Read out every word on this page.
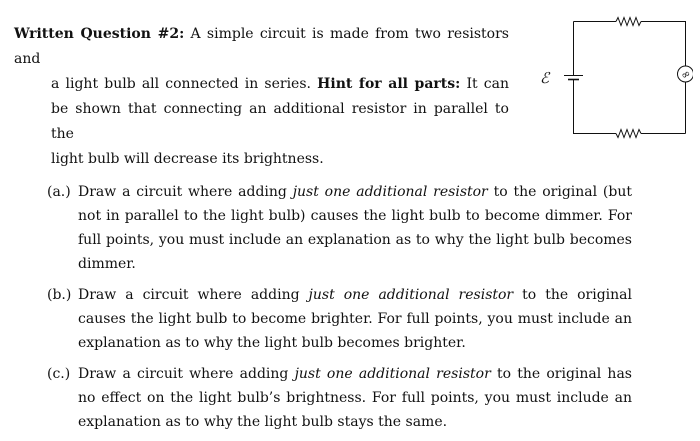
Written Question #2: A simple circuit is made from two resistors and
a light bulb all connected in series. Hint for all parts: It can
be shown that connecting an additional resistor in parallel to the
light bulb will decrease its brightness.
ℰ	∞
(a.) Draw a circuit where adding just one additional resistor to the original (but not in parallel to the light bulb) causes the light bulb to become dimmer. For full points, you must include an explanation as to why the light bulb becomes dimmer.
(b.) Draw a circuit where adding just one additional resistor to the original causes the light bulb to become brighter. For full points, you must include an explanation as to why the light bulb becomes brighter.
(c.) Draw a circuit where adding just one additional resistor to the original has no effect on the light bulb’s brightness. For full points, you must include an explanation as to why the light bulb stays the same.
